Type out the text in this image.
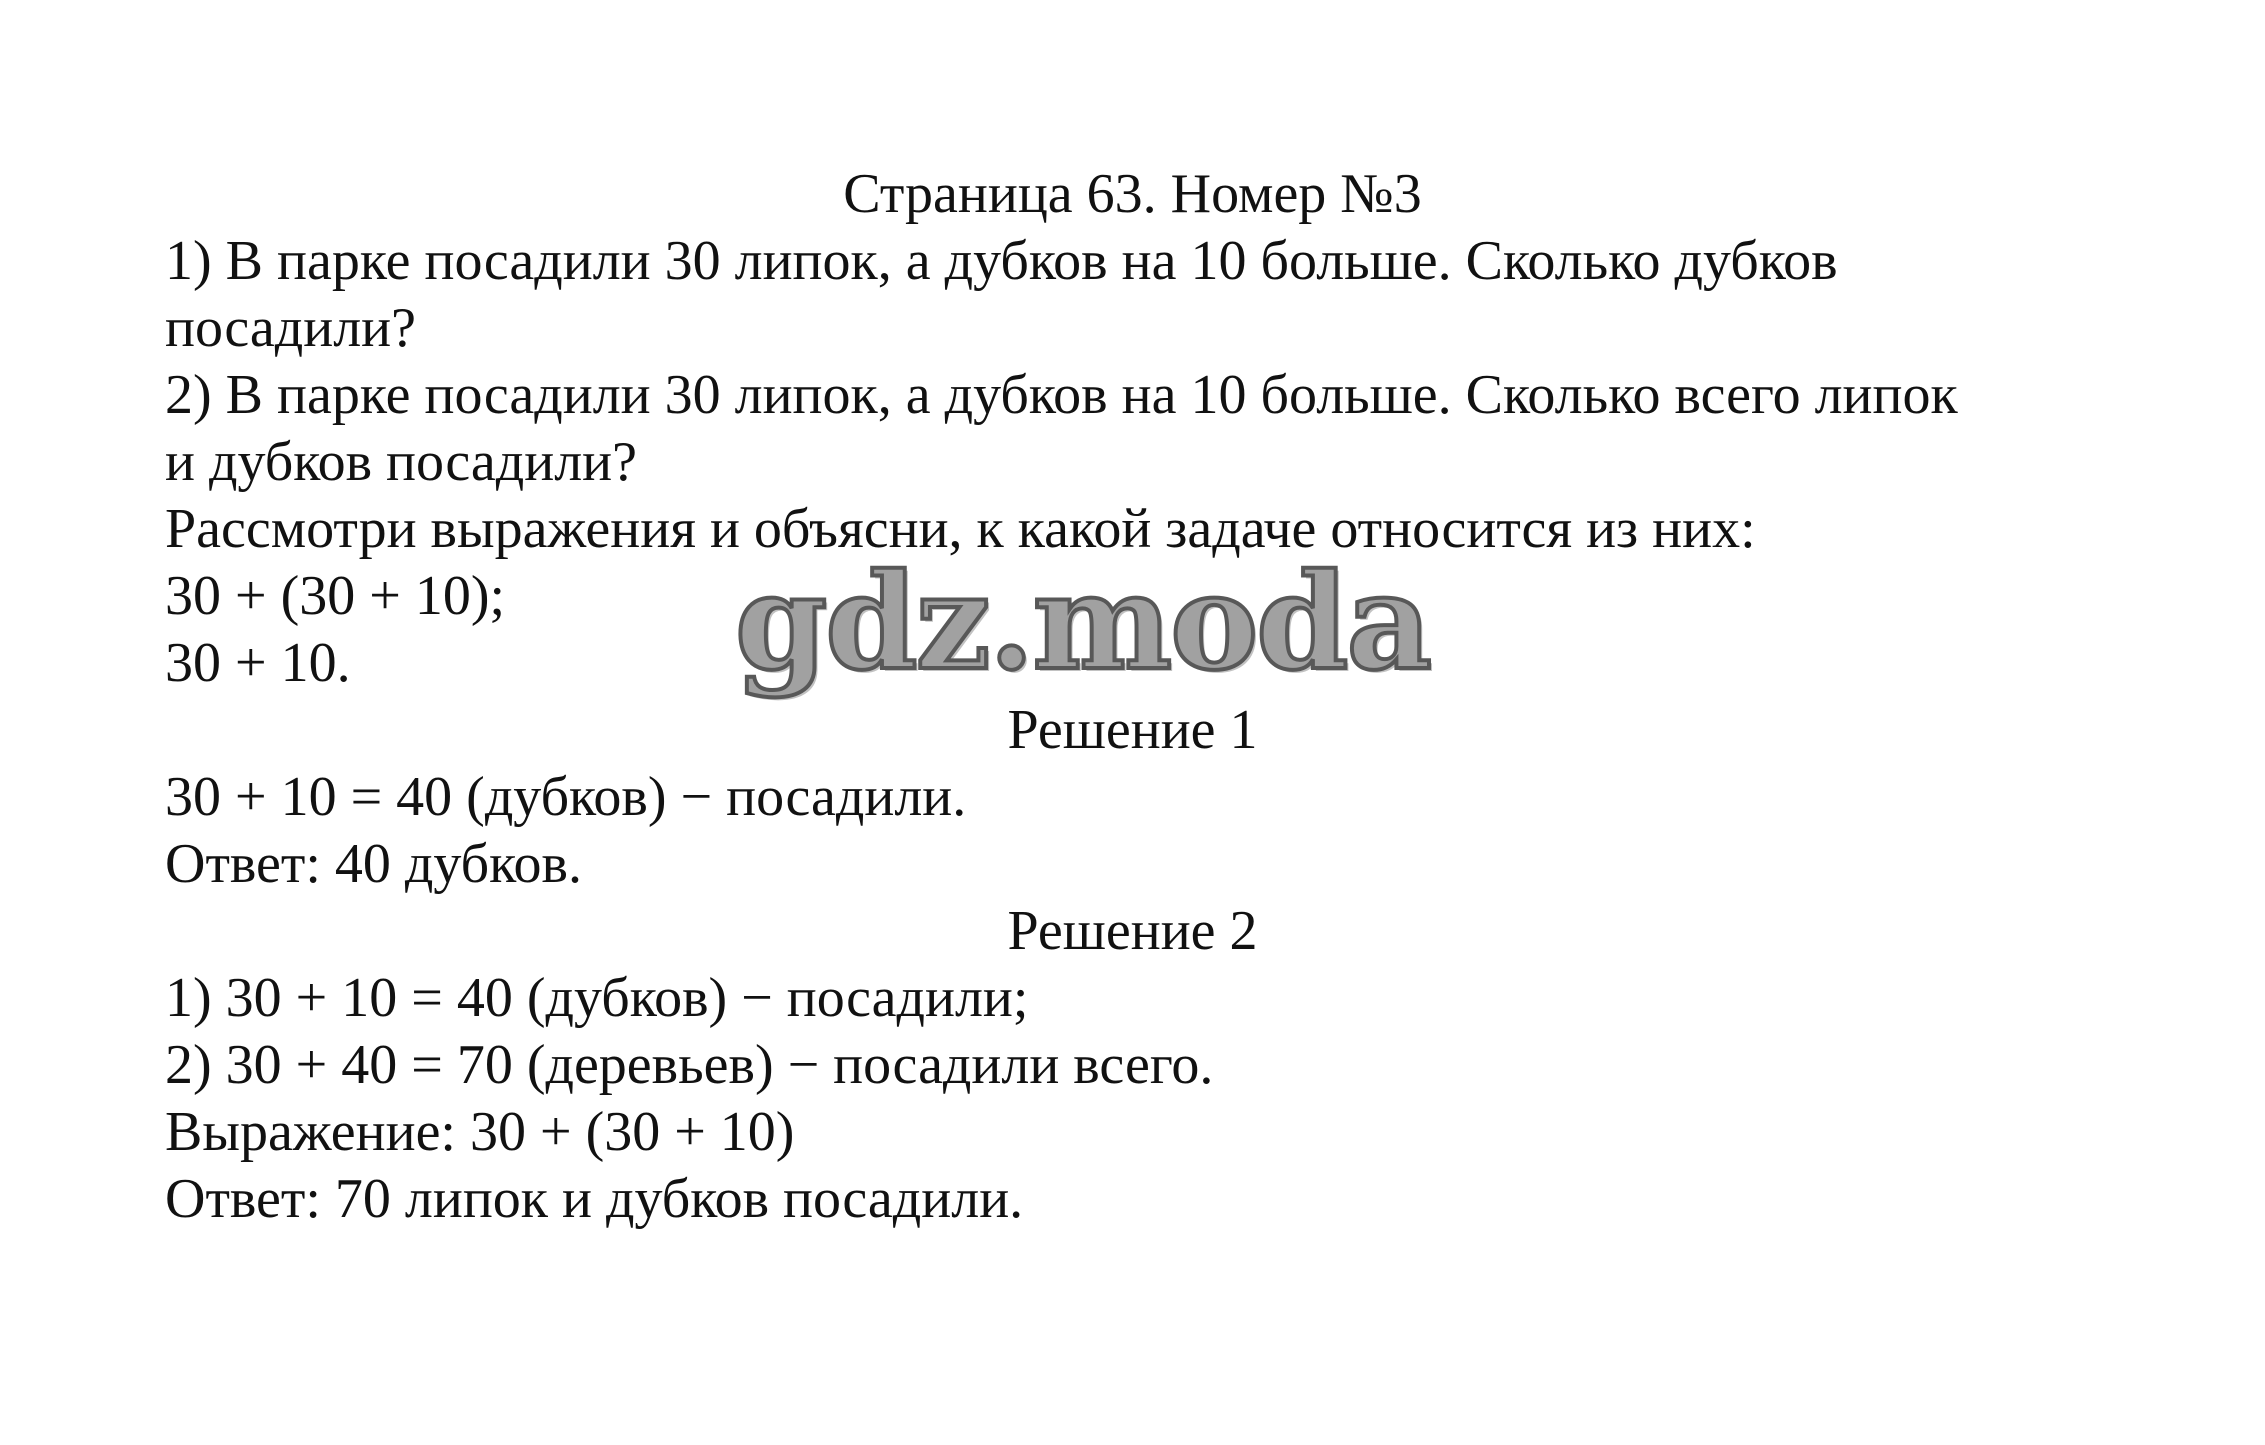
Страница 63. Номер №3
1) В парке посадили 30 липок, а дубков на 10 больше. Сколько дубков
посадили?
2) В парке посадили 30 липок, а дубков на 10 больше. Сколько всего липок
и дубков посадили?
Рассмотри выражения и объясни, к какой задаче относится из них:
30 + (30 + 10);
30 + 10.	gdz.moda
Решение 1
30 + 10 = 40 (дубков) − посадили.
Ответ: 40 дубков.
Решение 2
1) 30 + 10 = 40 (дубков) − посадили;
2) 30 + 40 = 70 (деревьев) − посадили всего.
Выражение: 30 + (30 + 10)
Ответ: 70 липок и дубков посадили.
